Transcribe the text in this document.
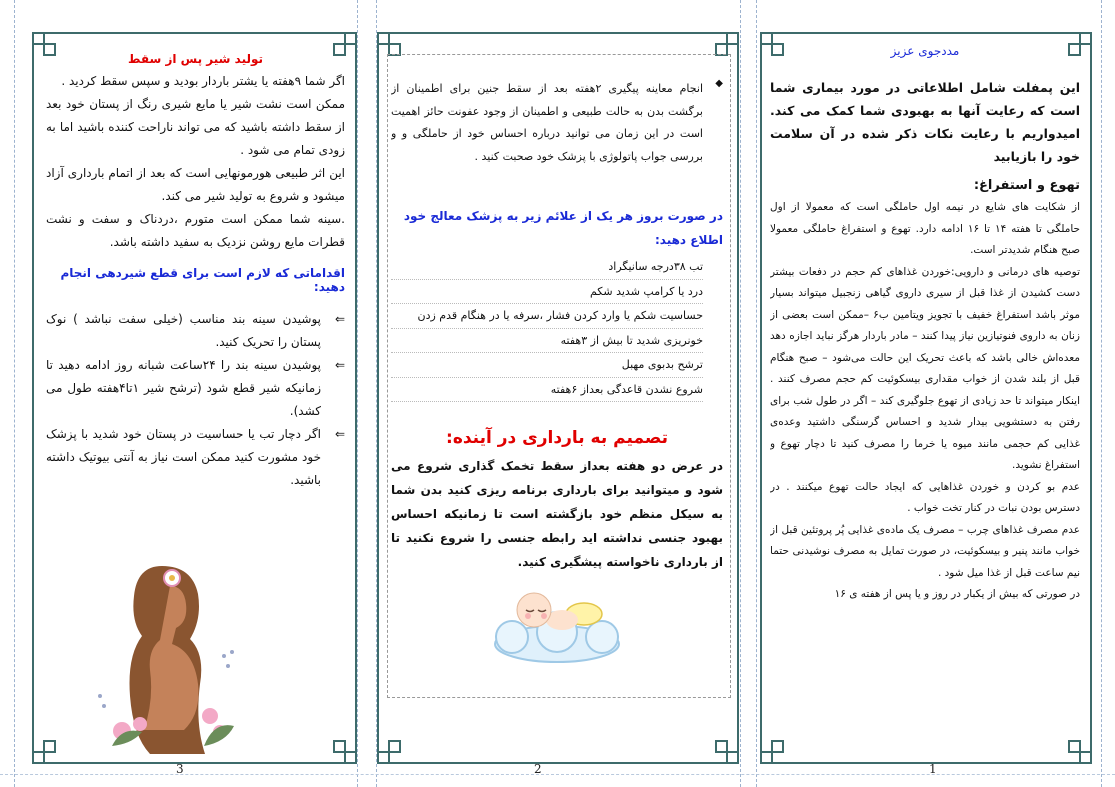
مددجوی عزیز

این پمفلت شامل اطلاعاتی در مورد بیماری شما است که رعایت آنها به بهبودی شما کمک می کند. امیدواریم با رعایت نکات ذکر شده در آن سلامت خود را بازیابید

تهوع و استفراغ:

از شکایت های شایع در نیمه اول حاملگی است که معمولا از اول حاملگی تا هفته ۱۴ تا ۱۶ ادامه دارد. تهوع و استفراغ حاملگی معمولا صبح هنگام شدیدتر است.

توصیه های درمانی و دارویی:خوردن غذاهای کم حجم در دفعات بیشتر دست کشیدن از غذا قبل از سیری داروی گیاهی زنجبیل میتواند بسیار موثر باشد استفراغ خفیف با تجویز ویتامین ب۶ –ممکن است بعضی از زنان به داروی فنوتیازین نیاز پیدا کنند – مادر باردار هرگز نباید اجازه دهد معده‌اش خالی باشد که باعث تحریک این حالت می‌شود – صبح هنگام قبل از بلند شدن از خواب مقداری بیسکوئیت کم حجم مصرف کنند . اینکار میتواند تا حد زیادی از تهوع جلوگیری کند – اگر در طول شب برای رفتن به دستشویی بیدار شدید و احساس گرسنگی داشتید وعده‌ی غذایی کم حجمی مانند میوه یا خرما را مصرف کنید تا دچار تهوع و استفراغ نشوید.

عدم بو کردن و خوردن غذاهایی که ایجاد حالت تهوع میکنند . در دسترس بودن نبات در کنار تخت خواب .

عدم مصرف غذاهای چرب – مصرف یک ماده‌ی غذایی پُر پروتئین قبل از خواب مانند پنیر و بیسکوئیت، در صورت تمایل به مصرف نوشیدنی حتما نیم ساعت قبل از غذا میل شود .

در صورتی که بیش از یکبار در روز و یا پس از هفته ی ۱۶

1
◆

انجام معاینه پیگیری ۲هفته بعد از سقط جنین برای اطمینان از برگشت بدن به حالت طبیعی و اطمینان از وجود عفونت حائز اهمیت است در این زمان می توانید درباره احساس خود از حاملگی و و بررسی جواب پاتولوژی با پزشک خود صحبت کنید .

در صورت بروز هر یک از علائم زیر به پزشک معالج خود اطلاع دهید:

تب ۳۸درجه سانیگراد
درد یا کرامپ شدید شکم
حساسیت شکم یا وارد کردن فشار ،سرفه یا در هنگام قدم زدن
خونریزی شدید تا بیش از ۳هفته
ترشح بدبوی مهبل
شروع نشدن قاعدگی بعداز ۶هفته
تصمیم به بارداری در آینده:

در عرض دو هفته بعداز سقط تخمک گذاری شروع می شود و میتوانید برای بارداری برنامه ریزی کنید بدن شما به سیکل منظم خود بازگشته است تا زمانیکه احساس بهبود جنسی نداشته اید رابطه جنسی را شروع نکنید تا از بارداری ناخواسته پیشگیری کنید.

2
تولید شیر پس از سقط

اگر شما ۹هفته یا یشتر باردار بودید و سپس سقط کردید .

ممکن است نشت شیر یا مایع شیری رنگ از پستان خود بعد از سقط داشته باشید که می تواند ناراحت کننده باشید اما به زودی تمام می شود .

این اثر طبیعی هورمونهایی است که بعد از اتمام بارداری آزاد میشود و شروع به تولید شیر می کند.

.سینه شما ممکن است متورم ،دردناک و سفت و نشت قطرات مایع روشن نزدیک به سفید داشته باشد.

اقداماتی که لازم است برای قطع شیردهی انجام دهید:
⇐
پوشیدن سینه بند مناسب (خیلی سفت نباشد ) نوک پستان را تحریک کنید.
⇐
پوشیدن سینه بند را ۲۴ساعت شبانه روز ادامه دهید تا زمانیکه شیر قطع شود (ترشح شیر ۱تا۴هفته طول می کشد).
⇐
اگر دچار تب یا حساسیت در پستان خود شدید با پزشک خود مشورت کنید ممکن است نیاز به آنتی بیوتیک داشته باشید.
3
